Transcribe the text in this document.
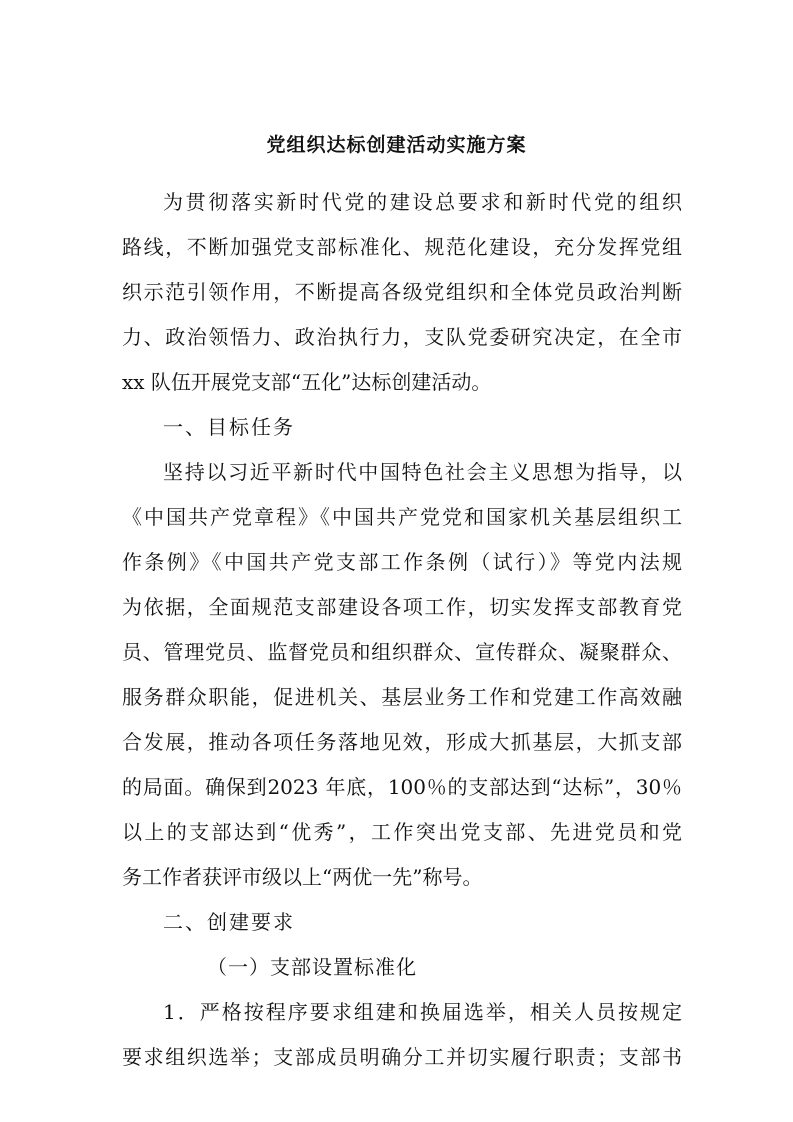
党组织达标创建活动实施方案
为贯彻落实新时代党的建设总要求和新时代党的组织
路线，不断加强党支部标准化、规范化建设，充分发挥党组
织示范引领作用，不断提高各级党组织和全体党员政治判断
力、政治领悟力、政治执行力，支队党委研究决定，在全市
xx 队伍开展党支部“五化”达标创建活动。
一、目标任务
坚持以习近平新时代中国特色社会主义思想为指导，以
《中国共产党章程》《中国共产党党和国家机关基层组织工
作条例》《中国共产党支部工作条例（试行）》等党内法规
为依据，全面规范支部建设各项工作，切实发挥支部教育党
员、管理党员、监督党员和组织群众、宣传群众、凝聚群众、
服务群众职能，促进机关、基层业务工作和党建工作高效融
合发展，推动各项任务落地见效，形成大抓基层，大抓支部
的局面。确保到2023 年底，100％的支部达到“达标”，30％
以上的支部达到“优秀”，工作突出党支部、先进党员和党
务工作者获评市级以上“两优一先”称号。
二、创建要求
（一）支部设置标准化
1．严格按程序要求组建和换届选举，相关人员按规定
要求组织选举；支部成员明确分工并切实履行职责；支部书
